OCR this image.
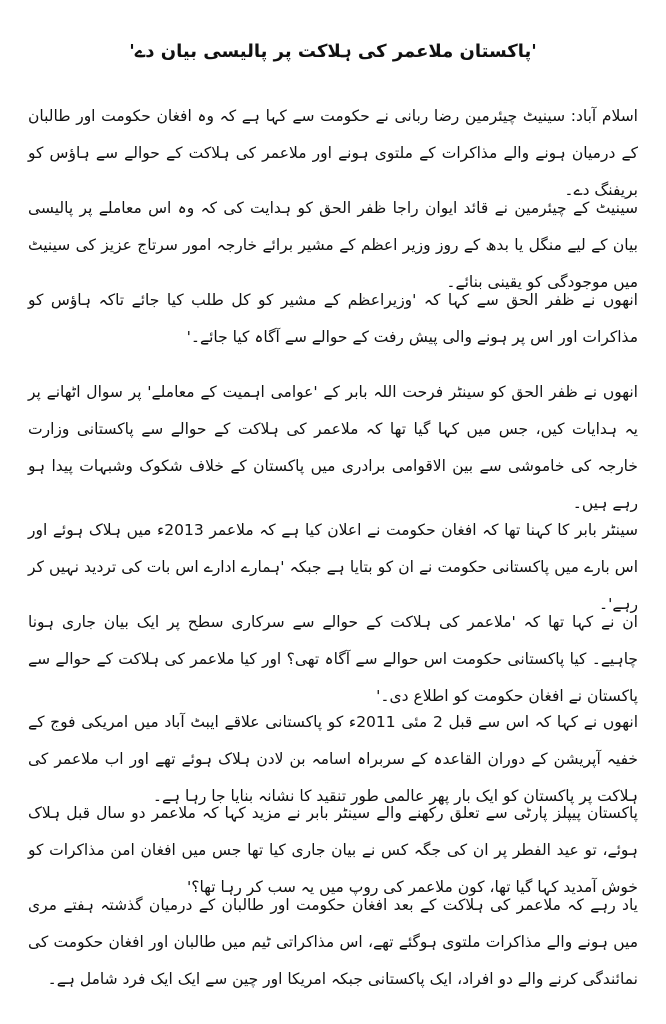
'پاکستان ملاعمر کی ہلاکت پر پالیسی بیان دے'

اسلام آباد: سینیٹ چیئرمین رضا ربانی نے حکومت سے کہا ہے کہ وہ افغان حکومت اور طالبان کے درمیان ہونے والے مذاکرات کے ملتوی ہونے اور ملاعمر کی ہلاکت کے حوالے سے ہاؤس کو بریفنگ دے۔

سینیٹ کے چیئرمین نے قائد ایوان راجا ظفر الحق کو ہدایت کی کہ وہ اس معاملے پر پالیسی بیان کے لیے منگل یا بدھ کے روز وزیر اعظم کے مشیر برائے خارجہ امور سرتاج عزیز کی سینیٹ میں موجودگی کو یقینی بنائے۔

انھوں نے ظفر الحق سے کہا کہ 'وزیراعظم کے مشیر کو کل طلب کیا جائے تاکہ ہاؤس کو مذاکرات اور اس پر ہونے والی پیش رفت کے حوالے سے آگاہ کیا جائے۔'

انھوں نے ظفر الحق کو سینٹر فرحت اللہ بابر کے 'عوامی اہمیت کے معاملے' پر سوال اٹھانے پر یہ ہدایات کیں، جس میں کہا گیا تھا کہ ملاعمر کی ہلاکت کے حوالے سے پاکستانی وزارت خارجہ کی خاموشی سے بین الاقوامی برادری میں پاکستان کے خلاف شکوک وشبہات پیدا ہو رہے ہیں۔

سینٹر بابر کا کہنا تھا کہ افغان حکومت نے اعلان کیا ہے کہ ملاعمر 2013ء میں ہلاک ہوئے اور اس بارے میں پاکستانی حکومت نے ان کو بتایا ہے جبکہ 'ہمارے ادارے اس بات کی تردید نہیں کر رہے'۔

ان نے کہا تھا کہ 'ملاعمر کی ہلاکت کے حوالے سے سرکاری سطح پر ایک بیان جاری ہونا چاہیے۔ کیا پاکستانی حکومت اس حوالے سے آگاہ تھی؟ اور کیا ملاعمر کی ہلاکت کے حوالے سے پاکستان نے افغان حکومت کو اطلاع دی۔'

انھوں نے کہا کہ اس سے قبل 2 مئی 2011ء کو پاکستانی علاقے ایبٹ آباد میں امریکی فوج کے خفیہ آپریشن کے دوران القاعدہ کے سربراہ اسامہ بن لادن ہلاک ہوئے تھے اور اب ملاعمر کی ہلاکت پر پاکستان کو ایک بار پھر عالمی طور تنقید کا نشانہ بنایا جا رہا ہے۔

پاکستان پیپلز پارٹی سے تعلق رکھنے والے سینٹر بابر نے مزید کہا کہ ملاعمر دو سال قبل ہلاک ہوئے، تو عید الفطر پر ان کی جگہ کس نے بیان جاری کیا تھا جس میں افغان امن مذاکرات کو خوش آمدید کہا گیا تھا، کون ملاعمر کی روپ میں یہ سب کر رہا تھا؟'

یاد رہے کہ ملاعمر کی ہلاکت کے بعد افغان حکومت اور طالبان کے درمیان گذشتہ ہفتے مری میں ہونے والے مذاکرات ملتوی ہوگئے تھے، اس مذاکراتی ٹیم میں طالبان اور افغان حکومت کی نمائندگی کرنے والے دو افراد، ایک پاکستانی جبکہ امریکا اور چین سے ایک ایک فرد شامل ہے۔
